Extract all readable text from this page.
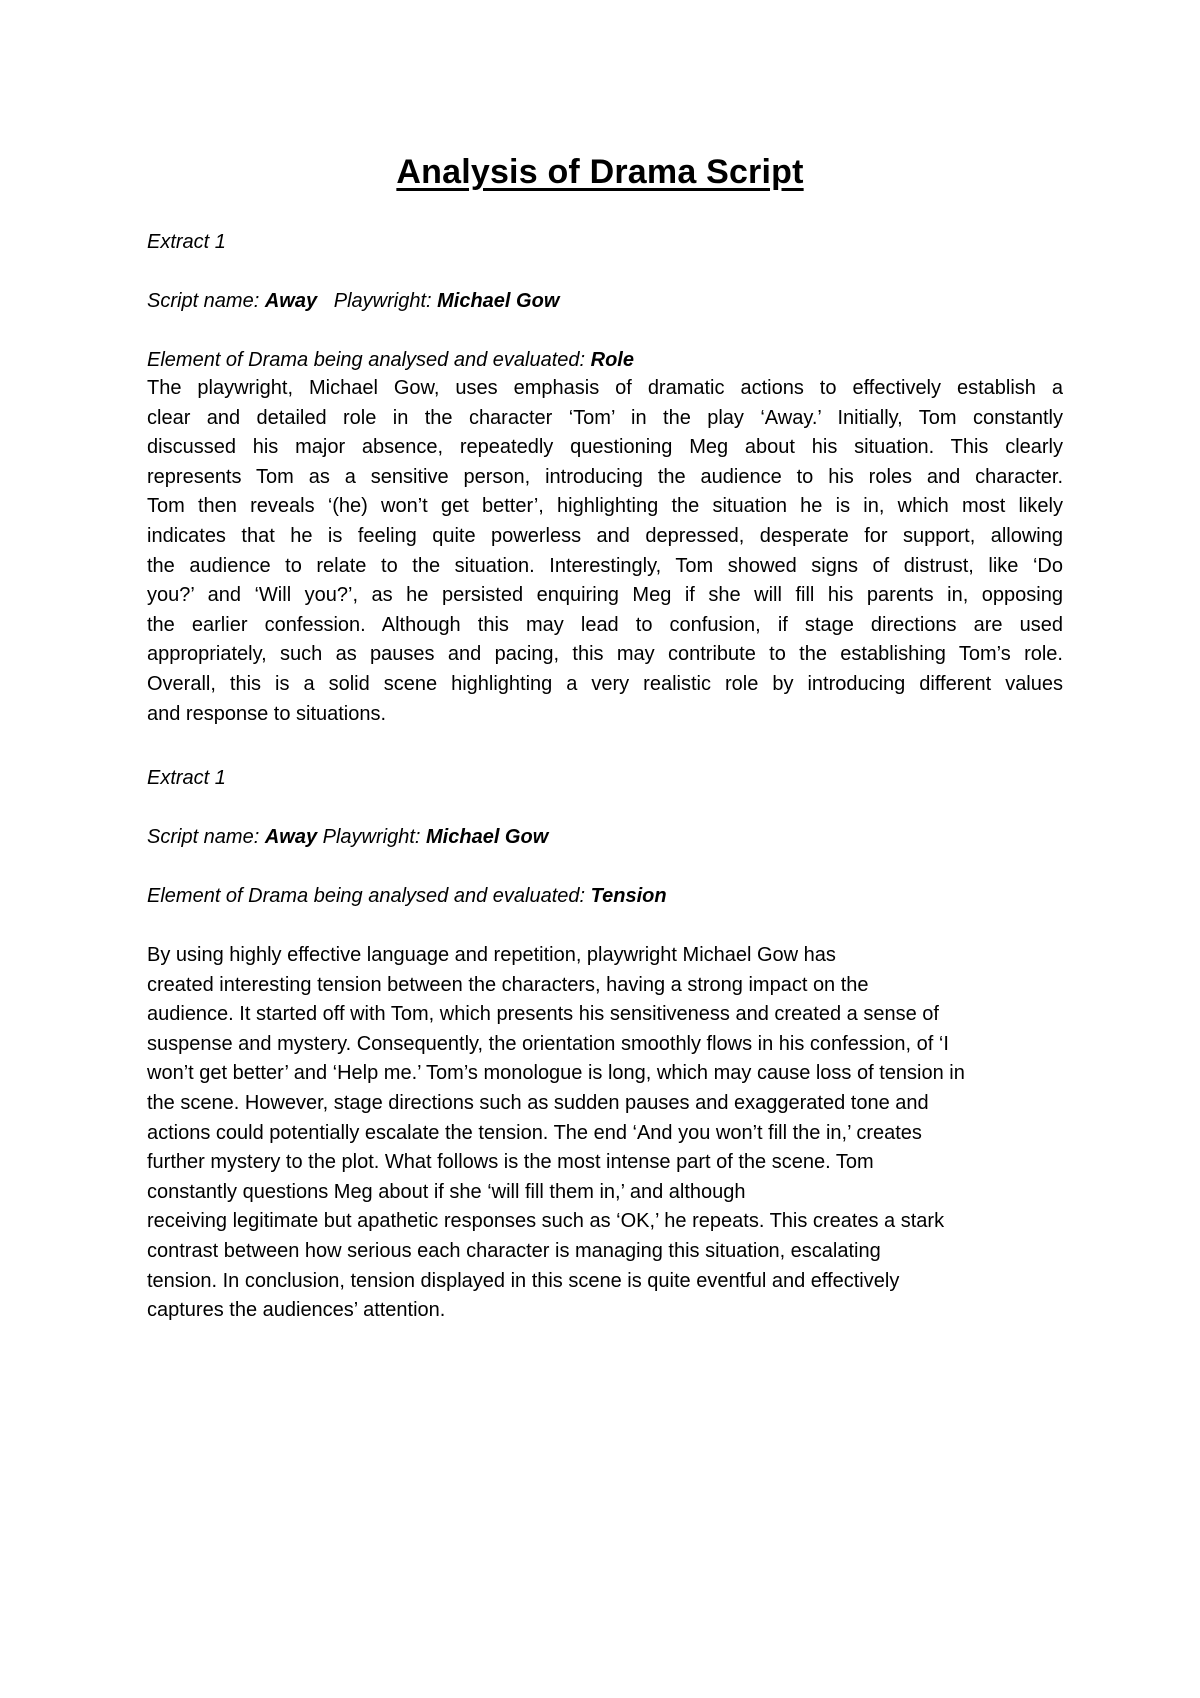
Analysis of Drama Script
Extract 1
Script name: Away Playwright: Michael Gow
Element of Drama being analysed and evaluated: Role
The playwright, Michael Gow, uses emphasis of dramatic actions to effectively establish a
clear and detailed role in the character ‘Tom’ in the play ‘Away.’ Initially, Tom constantly
discussed his major absence, repeatedly questioning Meg about his situation. This clearly
represents Tom as a sensitive person, introducing the audience to his roles and character.
Tom then reveals ‘(he) won’t get better’, highlighting the situation he is in, which most likely
indicates that he is feeling quite powerless and depressed, desperate for support, allowing
the audience to relate to the situation. Interestingly, Tom showed signs of distrust, like ‘Do
you?’ and ‘Will you?’, as he persisted enquiring Meg if she will fill his parents in, opposing
the earlier confession. Although this may lead to confusion, if stage directions are used
appropriately, such as pauses and pacing, this may contribute to the establishing Tom’s role.
Overall, this is a solid scene highlighting a very realistic role by introducing different values
and response to situations.
Extract 1
Script name: Away Playwright: Michael Gow
Element of Drama being analysed and evaluated: Tension
By using highly effective language and repetition, playwright Michael Gow has
created interesting tension between the characters, having a strong impact on the
audience. It started off with Tom, which presents his sensitiveness and created a sense of
suspense and mystery. Consequently, the orientation smoothly flows in his confession, of ‘I
won’t get better’ and ‘Help me.’ Tom’s monologue is long, which may cause loss of tension in
the scene. However, stage directions such as sudden pauses and exaggerated tone and
actions could potentially escalate the tension. The end ‘And you won’t fill the in,’ creates
further mystery to the plot. What follows is the most intense part of the scene. Tom
constantly questions Meg about if she ‘will fill them in,’ and although
receiving legitimate but apathetic responses such as ‘OK,’ he repeats. This creates a stark
contrast between how serious each character is managing this situation, escalating
tension. In conclusion, tension displayed in this scene is quite eventful and effectively
captures the audiences’ attention.
